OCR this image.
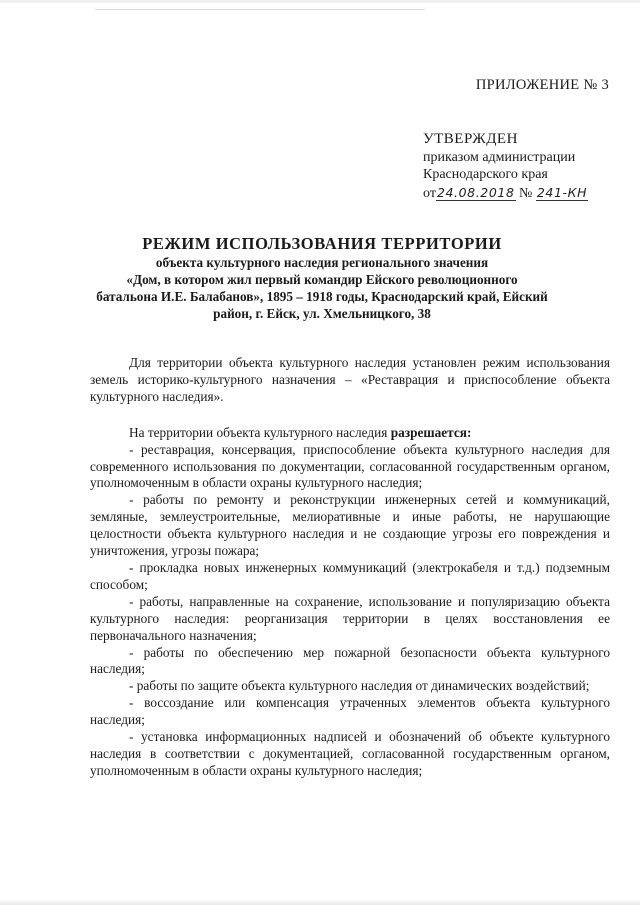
ПРИЛОЖЕНИЕ № 3
УТВЕРЖДЕН
приказом администрации
Краснодарского края
от24.08.2018 № 241-КН
РЕЖИМ ИСПОЛЬЗОВАНИЯ ТЕРРИТОРИИ
объекта культурного наследия регионального значения
«Дом, в котором жил первый командир Ейского революционного
батальона И.Е. Балабанов», 1895 – 1918 годы, Краснодарский край, Ейский
район, г. Ейск, ул. Хмельницкого, 38

Для территории объекта культурного наследия установлен режим использования земель историко-культурного назначения – «Реставрация и приспособление объекта культурного наследия».

На территории объекта культурного наследия разрешается:

- реставрация, консервация, приспособление объекта культурного наследия для современного использования по документации, согласованной государственным органом, уполномоченным в области охраны культурного наследия;

- работы по ремонту и реконструкции инженерных сетей и коммуникаций, земляные, землеустроительные, мелиоративные и иные работы, не нарушающие целостности объекта культурного наследия и не создающие угрозы его повреждения и уничтожения, угрозы пожара;

- прокладка новых инженерных коммуникаций (электрокабеля и т.д.) подземным способом;

- работы, направленные на сохранение, использование и популяризацию объекта культурного наследия: реорганизация территории в целях восстановления ее первоначального назначения;

- работы по обеспечению мер пожарной безопасности объекта культурного наследия;

- работы по защите объекта культурного наследия от динамических воздействий;

- воссоздание или компенсация утраченных элементов объекта культурного наследия;

- установка информационных надписей и обозначений об объекте культурного наследия в соответствии с документацией, согласованной государственным органом, уполномоченным в области охраны культурного наследия;
